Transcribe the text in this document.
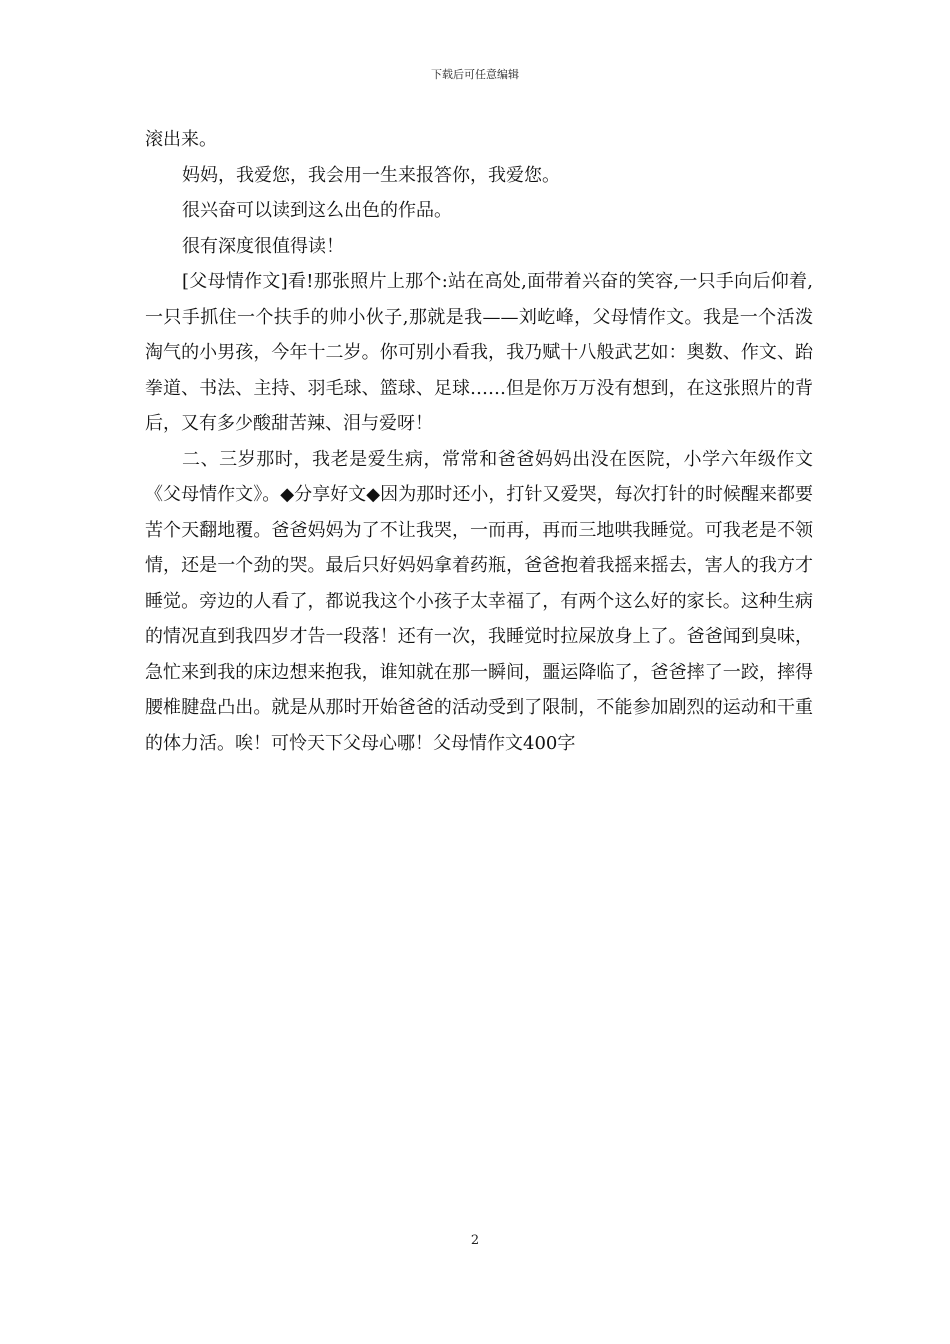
下载后可任意编辑

滚出来。

妈妈，我爱您，我会用一生来报答你，我爱您。

很兴奋可以读到这么出色的作品。

很有深度很值得读！

[父母情作文]看!那张照片上那个:站在高处,面带着兴奋的笑容,一只手向后仰着,一只手抓住一个扶手的帅小伙子,那就是我——刘屹峰，父母情作文。我是一个活泼淘气的小男孩，今年十二岁。你可别小看我，我乃赋十八般武艺如：奥数、作文、跆拳道、书法、主持、羽毛球、篮球、足球……但是你万万没有想到，在这张照片的背后，又有多少酸甜苦辣、泪与爱呀！

二、三岁那时，我老是爱生病，常常和爸爸妈妈出没在医院，小学六年级作文《父母情作文》。◆分享好文◆因为那时还小，打针又爱哭，每次打针的时候醒来都要苦个天翻地覆。爸爸妈妈为了不让我哭，一而再，再而三地哄我睡觉。可我老是不领情，还是一个劲的哭。最后只好妈妈拿着药瓶，爸爸抱着我摇来摇去，害人的我方才睡觉。旁边的人看了，都说我这个小孩子太幸福了，有两个这么好的家长。这种生病的情况直到我四岁才告一段落！还有一次，我睡觉时拉屎放身上了。爸爸闻到臭味，急忙来到我的床边想来抱我，谁知就在那一瞬间，噩运降临了，爸爸摔了一跤，摔得腰椎腱盘凸出。就是从那时开始爸爸的活动受到了限制，不能参加剧烈的运动和干重的体力活。唉！可怜天下父母心哪！父母情作文400字

2
